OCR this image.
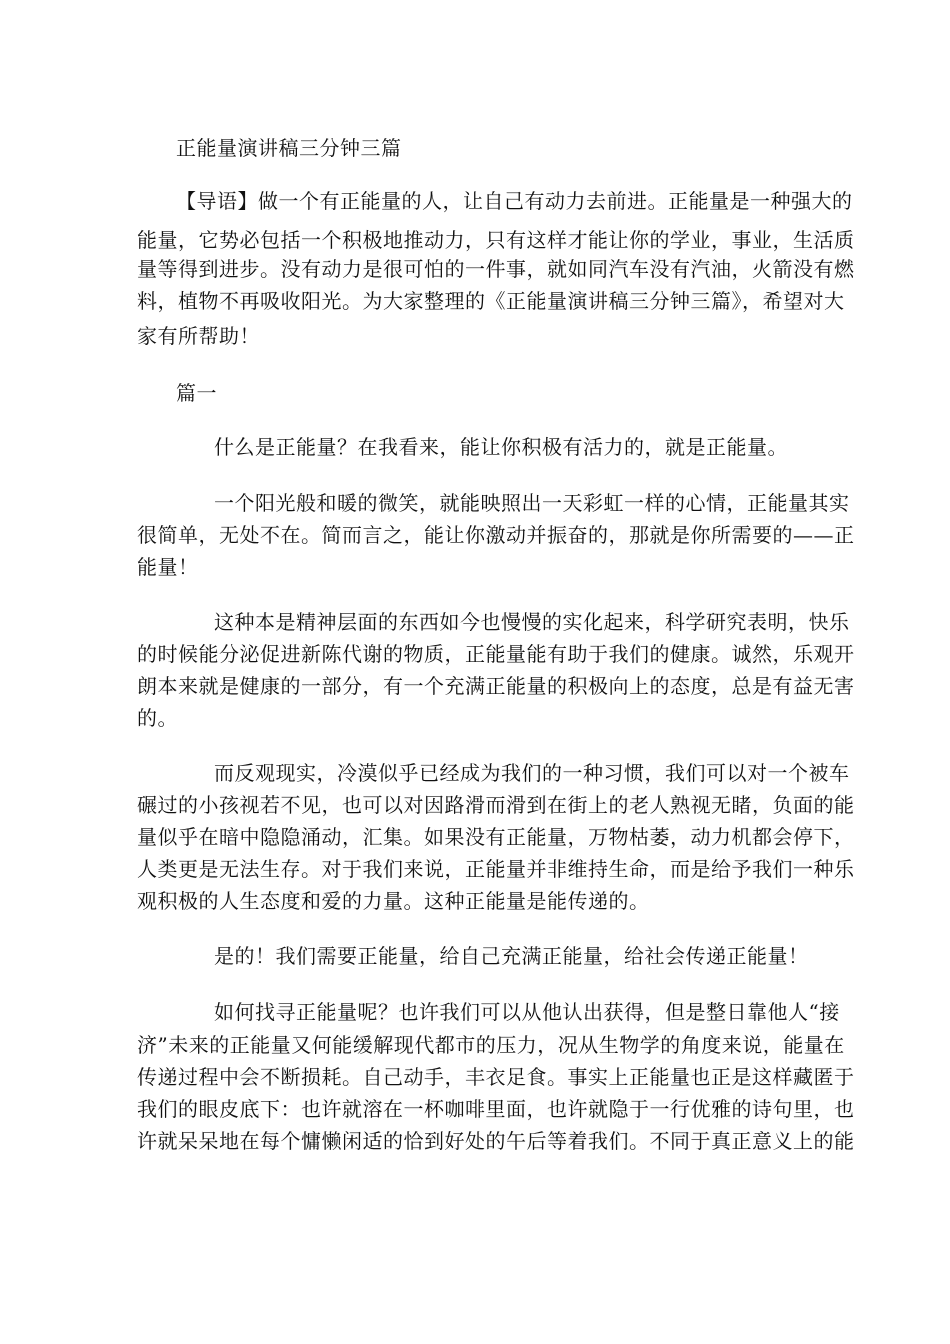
正能量演讲稿三分钟三篇
【导语】做一个有正能量的人，让自己有动力去前进。正能量是一种强大的
能量，它势必包括一个积极地推动力，只有这样才能让你的学业，事业，生活质
量等得到进步。没有动力是很可怕的一件事，就如同汽车没有汽油，火箭没有燃
料，植物不再吸收阳光。为大家整理的《正能量演讲稿三分钟三篇》，希望对大
家有所帮助！
篇一
什么是正能量？在我看来，能让你积极有活力的，就是正能量。
一个阳光般和暖的微笑，就能映照出一天彩虹一样的心情，正能量其实
很简单，无处不在。简而言之，能让你激动并振奋的，那就是你所需要的——正
能量！
这种本是精神层面的东西如今也慢慢的实化起来，科学研究表明，快乐
的时候能分泌促进新陈代谢的物质，正能量能有助于我们的健康。诚然，乐观开
朗本来就是健康的一部分，有一个充满正能量的积极向上的态度，总是有益无害
的。
而反观现实，冷漠似乎已经成为我们的一种习惯，我们可以对一个被车
碾过的小孩视若不见，也可以对因路滑而滑到在街上的老人熟视无睹，负面的能
量似乎在暗中隐隐涌动，汇集。如果没有正能量，万物枯萎，动力机都会停下，
人类更是无法生存。对于我们来说，正能量并非维持生命，而是给予我们一种乐
观积极的人生态度和爱的力量。这种正能量是能传递的。
是的！我们需要正能量，给自己充满正能量，给社会传递正能量！
如何找寻正能量呢？也许我们可以从他认出获得，但是整日靠他人“接
济”未来的正能量又何能缓解现代都市的压力，况从生物学的角度来说，能量在
传递过程中会不断损耗。自己动手，丰衣足食。事实上正能量也正是这样藏匿于
我们的眼皮底下：也许就溶在一杯咖啡里面，也许就隐于一行优雅的诗句里，也
许就呆呆地在每个慵懒闲适的恰到好处的午后等着我们。不同于真正意义上的能
